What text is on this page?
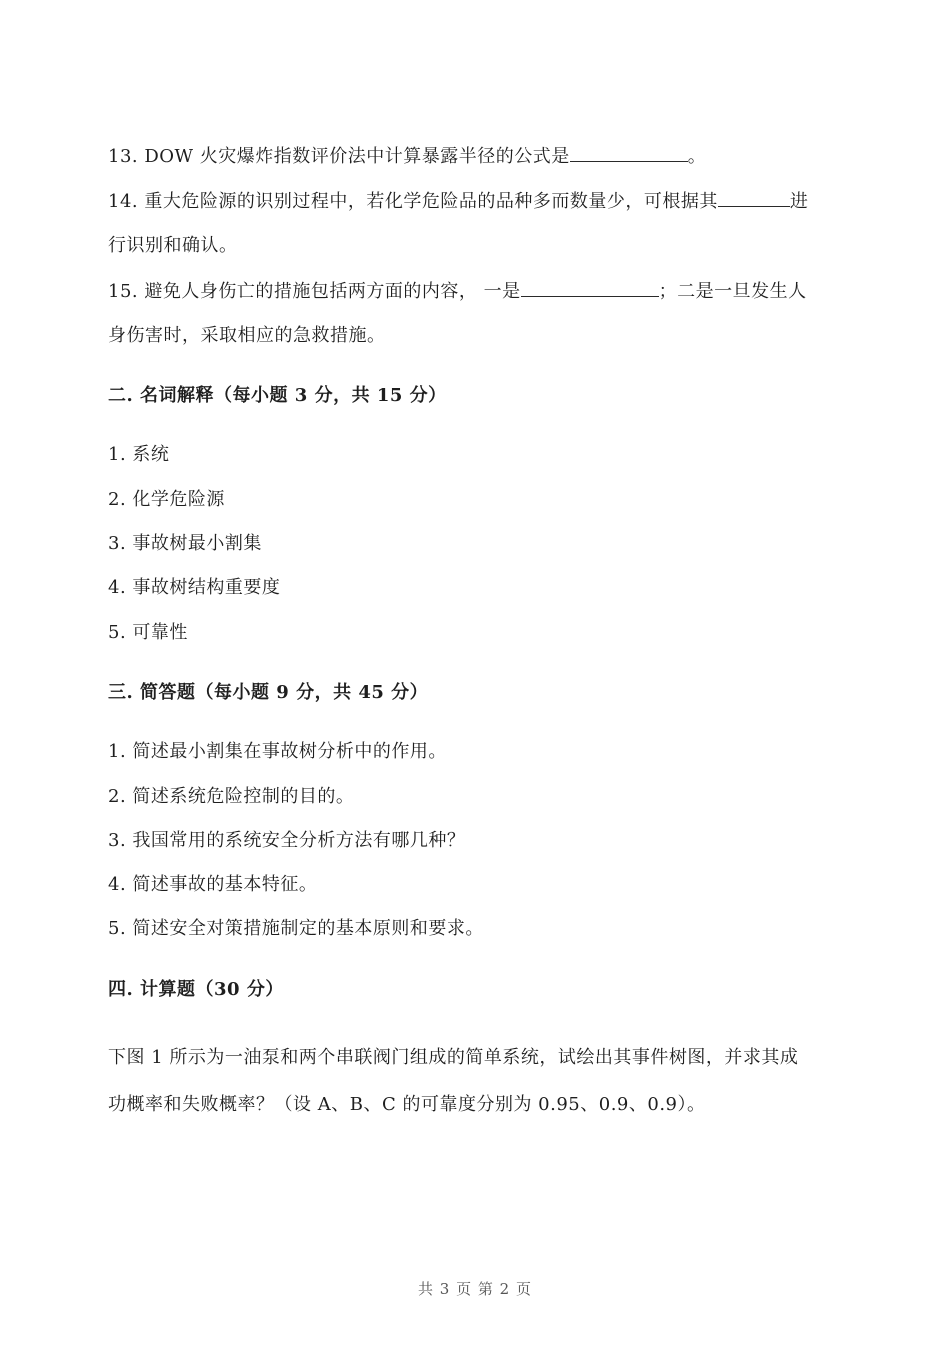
13. DOW 火灾爆炸指数评价法中计算暴露半径的公式是	。
14. 重大危险源的识别过程中，若化学危险品的品种多而数量少，可根据其	进
行识别和确认。
15. 避免人身伤亡的措施包括两方面的内容， 一是	；二是一旦发生人
身伤害时，采取相应的急救措施。
二. 名词解释（每小题 3 分，共 15 分）
1. 系统
2. 化学危险源
3. 事故树最小割集
4. 事故树结构重要度
5. 可靠性
三. 简答题（每小题 9 分，共 45 分）
1. 简述最小割集在事故树分析中的作用。
2. 简述系统危险控制的目的。
3. 我国常用的系统安全分析方法有哪几种？
4. 简述事故的基本特征。
5. 简述安全对策措施制定的基本原则和要求。
四. 计算题（30 分）
下图 1 所示为一油泵和两个串联阀门组成的简单系统，试绘出其事件树图，并求其成
功概率和失败概率？（设 A、B、C 的可靠度分别为 0.95、0.9、0.9）。
共 3 页 第 2 页
